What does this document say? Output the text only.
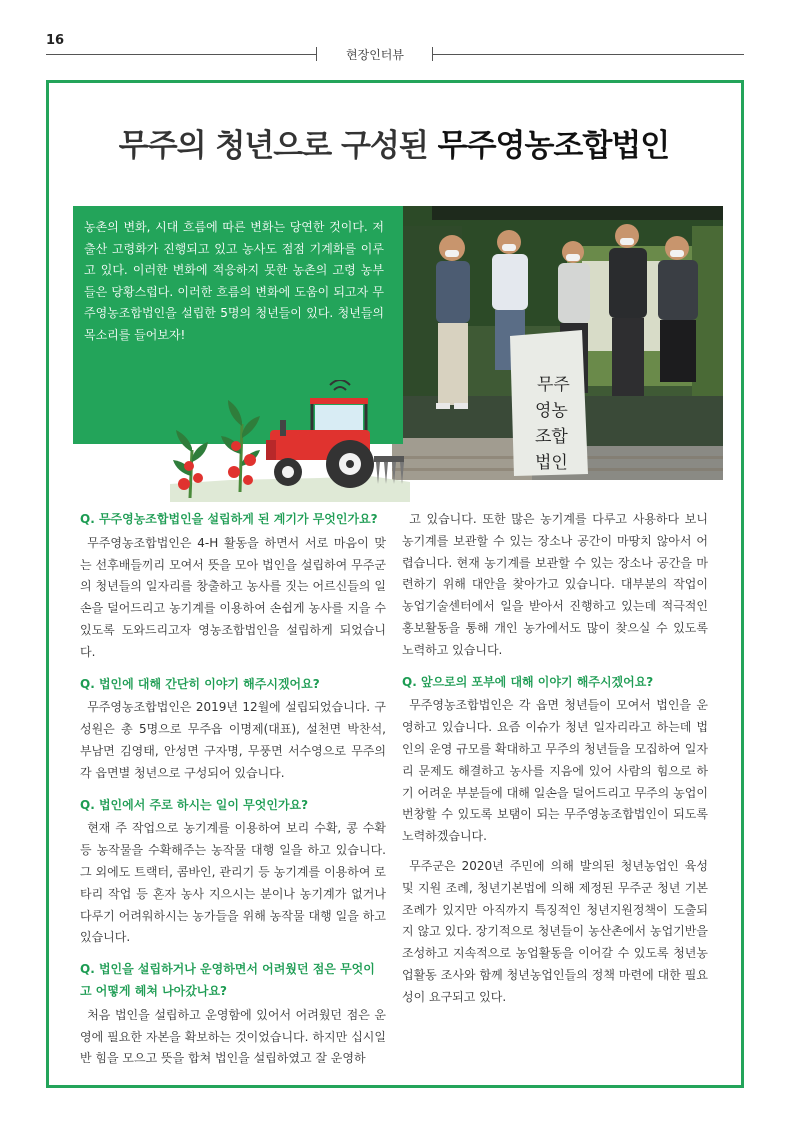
16
현장인터뷰
무주의 청년으로 구성된 무주영농조합법인
무주
영농
조합
법인
농촌의 변화, 시대 흐름에 따른 변화는 당연한 것이다. 저출산 고령화가 진행되고 있고 농사도 점점 기계화를 이루고 있다. 이러한 변화에 적응하지 못한 농촌의 고령 농부들은 당황스럽다. 이러한 흐름의 변화에 도움이 되고자 무주영농조합법인을 설립한 5명의 청년들이 있다. 청년들의 목소리를 들어보자!

Q. 무주영농조합법인을 설립하게 된 계기가 무엇인가요?

무주영농조합법인은 4-H 활동을 하면서 서로 마음이 맞는 선후배들끼리 모여서 뜻을 모아 법인을 설립하여 무주군의 청년들의 일자리를 창출하고 농사를 짓는 어르신들의 일손을 덜어드리고 농기계를 이용하여 손쉽게 농사를 지을 수 있도록 도와드리고자 영농조합법인을 설립하게 되었습니다.

Q. 법인에 대해 간단히 이야기 해주시겠어요?

무주영농조합법인은 2019년 12월에 설립되었습니다. 구성원은 총 5명으로 무주읍 이명제(대표), 설천면 박찬석, 부남면 김영태, 안성면 구자명, 무풍면 서수영으로 무주의 각 읍면별 청년으로 구성되어 있습니다.

Q. 법인에서 주로 하시는 일이 무엇인가요?

현재 주 작업으로 농기계를 이용하여 보리 수확, 콩 수확 등 농작물을 수확해주는 농작물 대행 일을 하고 있습니다. 그 외에도 트랙터, 콤바인, 관리기 등 농기계를 이용하여 로타리 작업 등 혼자 농사 지으시는 분이나 농기계가 없거나 다루기 어려워하시는 농가들을 위해 농작물 대행 일을 하고 있습니다.

Q. 법인을 설립하거나 운영하면서 어려웠던 점은 무엇이고 어떻게 헤쳐 나아갔나요?

처음 법인을 설립하고 운영함에 있어서 어려웠던 점은 운영에 필요한 자본을 확보하는 것이었습니다. 하지만 십시일반 힘을 모으고 뜻을 합쳐 법인을 설립하였고 잘 운영하

고 있습니다. 또한 많은 농기계를 다루고 사용하다 보니 농기계를 보관할 수 있는 장소나 공간이 마땅치 않아서 어렵습니다. 현재 농기계를 보관할 수 있는 장소나 공간을 마련하기 위해 대안을 찾아가고 있습니다. 대부분의 작업이 농업기술센터에서 일을 받아서 진행하고 있는데 적극적인 홍보활동을 통해 개인 농가에서도 많이 찾으실 수 있도록 노력하고 있습니다.

Q. 앞으로의 포부에 대해 이야기 해주시겠어요?

무주영농조합법인은 각 읍면 청년들이 모여서 법인을 운영하고 있습니다. 요즘 이슈가 청년 일자리라고 하는데 법인의 운영 규모를 확대하고 무주의 청년들을 모집하여 일자리 문제도 해결하고 농사를 지음에 있어 사람의 힘으로 하기 어려운 부분들에 대해 일손을 덜어드리고 무주의 농업이 번창할 수 있도록 보탬이 되는 무주영농조합법인이 되도록 노력하겠습니다.

무주군은 2020년 주민에 의해 발의된 청년농업인 육성 및 지원 조례, 청년기본법에 의해 제정된 무주군 청년 기본 조례가 있지만 아직까지 특징적인 청년지원정책이 도출되지 않고 있다. 장기적으로 청년들이 농산촌에서 농업기반을 조성하고 지속적으로 농업활동을 이어갈 수 있도록 청년농업활동 조사와 함께 청년농업인들의 정책 마련에 대한 필요성이 요구되고 있다.
